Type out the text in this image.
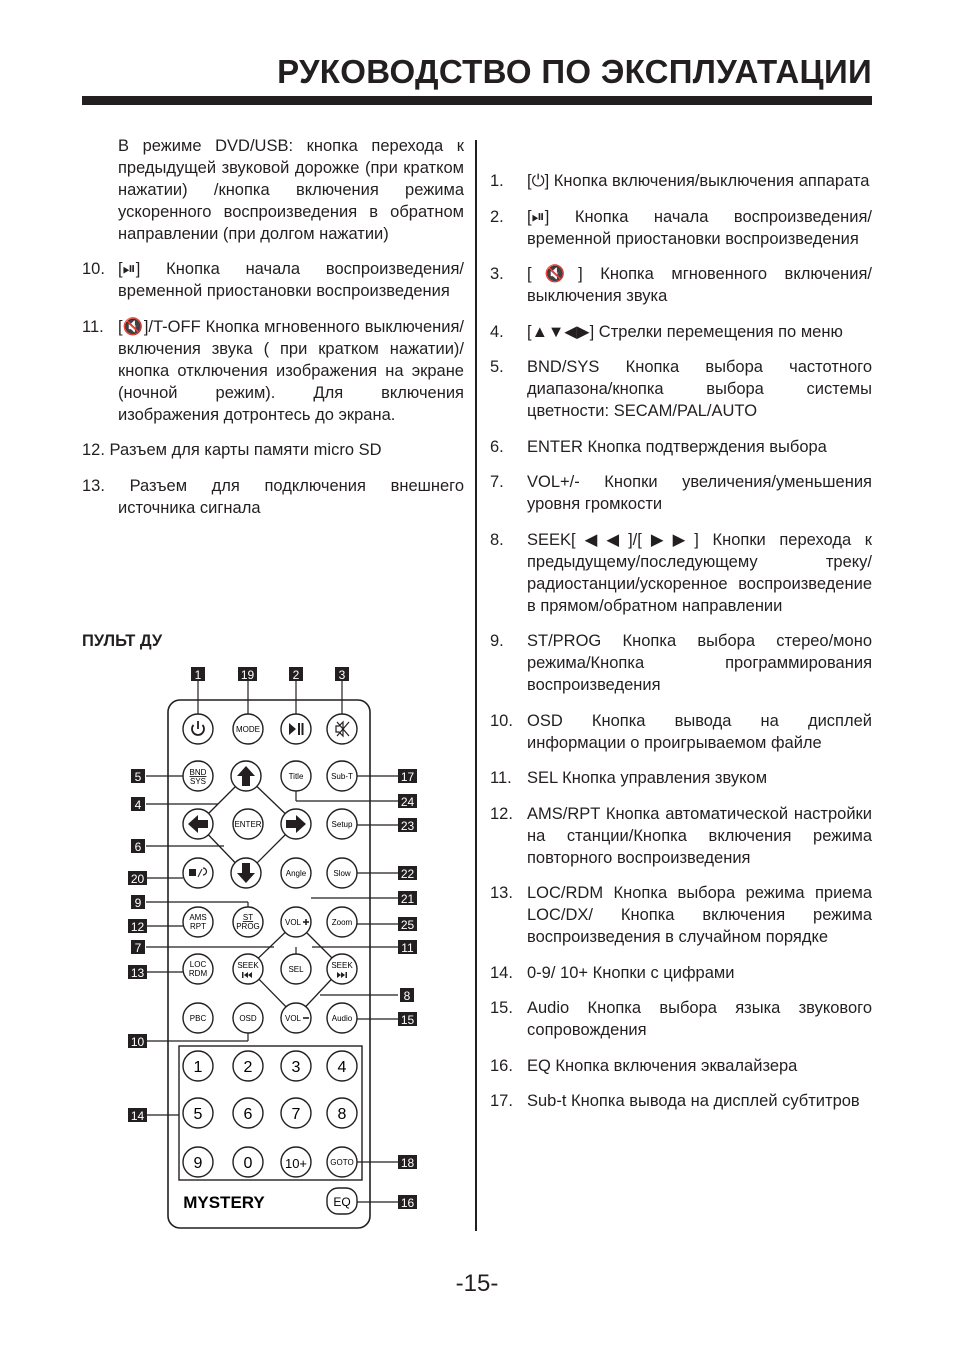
РУКОВОДСТВО ПО ЭКСПЛУАТАЦИИ
В режиме DVD/USB: кнопка перехода к предыдущей звуковой дорожке (при кратком нажатии) /кнопка включения режима ускоренного воспроизведения в обратном направлении (при долгом нажатии)
10. [⏯] Кнопка начала воспроизведения/временной приостановки воспроизведения
11. [🔇]/T-OFF Кнопка мгновенного выключения/включения звука ( при кратком нажатии)/ кнопка отключения изображения на экране (ночной режим). Для включения изображения дотронтесь до экрана.
12. Разъем для карты памяти micro SD
13. Разъем для подключения внешнего источника сигнала
ПУЛЬТ ДУ
MODE
BND
SYS
Title	Sub-T
ENTER	Setup
Angle	Slow
AMS
RPT
ST
PROG	VOL	Zoom
LOC
RDM
SEEK	SEL	SEEK
PBC	OSD	VOL	Audio
1	2 3 4
5	6 7 8
9	0	10+	GOTO
EQ
MYSTERY
1	19	2	3
5
4
6
20
9
12
7
13
10
14
17
24
23
22
21
25
11
8
15
18
16
1.	[⏻] Кнопка включения/выключения аппарата
2.	[⏯] Кнопка начала воспроизведения/временной приостановки воспроизведения
3.	[🔇] Кнопка мгновенного включения/выключения звука
4.	[▲▼◀▶] Стрелки перемещения по меню
5.	BND/SYS Кнопка выбора частотного диапазона/кнопка выбора системы цветности: SECAM/PAL/AUTO
6.	ENTER Кнопка подтверждения выбора
7.	VOL+/- Кнопки увеличения/уменьшения уровня громкости
8.	SEEK[◀◀]/[▶▶] Кнопки перехода к предыдущему/последующему треку/радиостанции/ускоренное воспроизведение в прямом/обратном направлении
9.	ST/PROG Кнопка выбора стерео/моно режима/Кнопка программирования воспроизведения
10. OSD Кнопка вывода на дисплей информации о проигрываемом файле
11. SEL Кнопка управления звуком
12. AMS/RPT Кнопка автоматической настройки на станции/Кнопка включения режима повторного воспроизведения
13. LOC/RDM Кнопка выбора режима приема LOC/DX/ Кнопка включения режима воспроизведения в случайном порядке
14. 0-9/ 10+ Кнопки с цифрами
15. Audio Кнопка выбора языка звукового сопровождения
16. EQ Кнопка включения эквалайзера
17. Sub-t Кнопка вывода на дисплей субтитров
-15-
